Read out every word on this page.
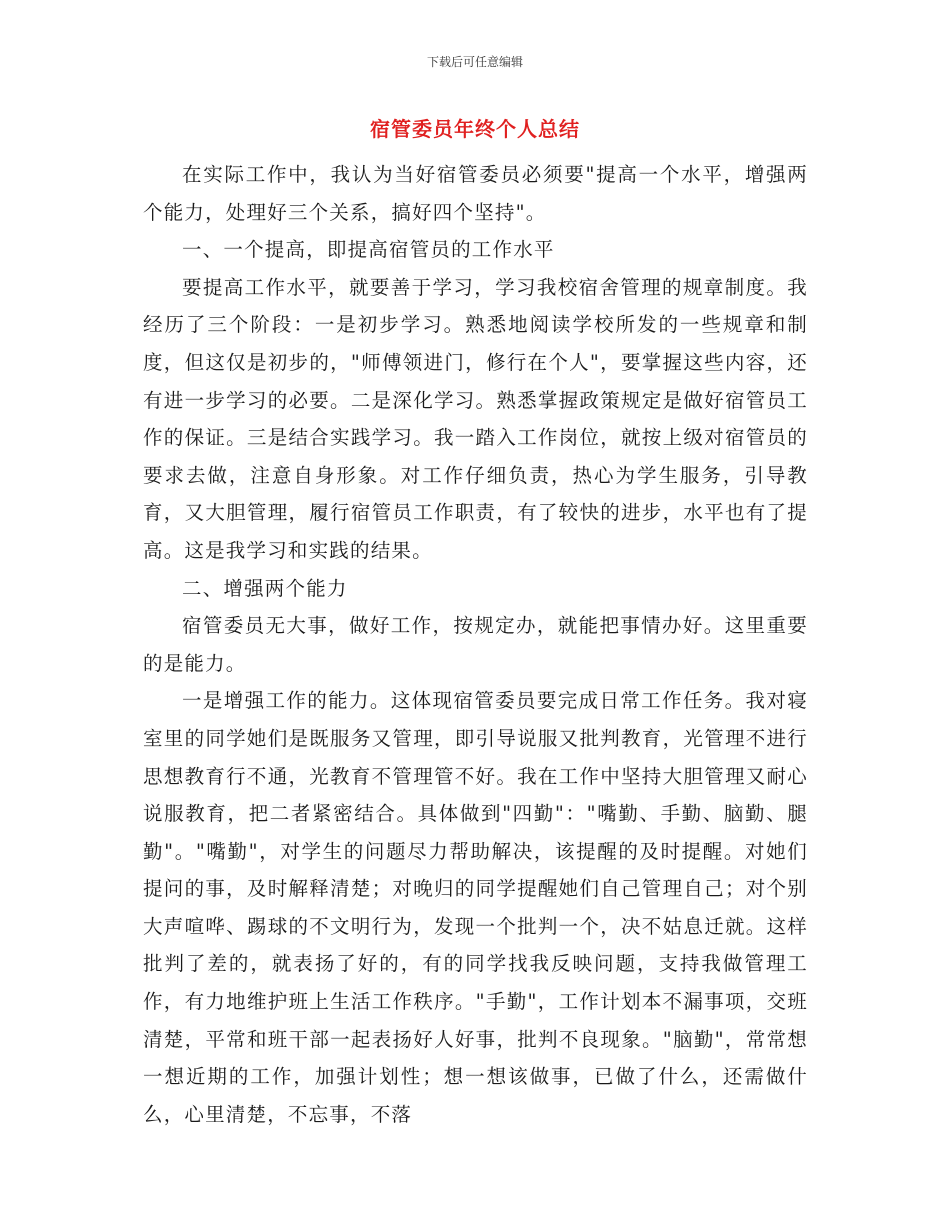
下载后可任意编辑
宿管委员年终个人总结

在实际工作中，我认为当好宿管委员必须要"提高一个水平，增强两个能力，处理好三个关系，搞好四个坚持"。

一、一个提高，即提高宿管员的工作水平

要提高工作水平，就要善于学习，学习我校宿舍管理的规章制度。我经历了三个阶段：一是初步学习。熟悉地阅读学校所发的一些规章和制度，但这仅是初步的，"师傅领进门，修行在个人"，要掌握这些内容，还有进一步学习的必要。二是深化学习。熟悉掌握政策规定是做好宿管员工作的保证。三是结合实践学习。我一踏入工作岗位，就按上级对宿管员的要求去做，注意自身形象。对工作仔细负责，热心为学生服务，引导教育，又大胆管理，履行宿管员工作职责，有了较快的进步，水平也有了提高。这是我学习和实践的结果。

二、增强两个能力

宿管委员无大事，做好工作，按规定办，就能把事情办好。这里重要的是能力。

一是增强工作的能力。这体现宿管委员要完成日常工作任务。我对寝室里的同学她们是既服务又管理，即引导说服又批判教育，光管理不进行思想教育行不通，光教育不管理管不好。我在工作中坚持大胆管理又耐心说服教育，把二者紧密结合。具体做到"四勤"："嘴勤、手勤、脑勤、腿勤"。"嘴勤"，对学生的问题尽力帮助解决，该提醒的及时提醒。对她们提问的事，及时解释清楚；对晚归的同学提醒她们自己管理自己；对个别大声喧哗、踢球的不文明行为，发现一个批判一个，决不姑息迁就。这样批判了差的，就表扬了好的，有的同学找我反映问题，支持我做管理工作，有力地维护班上生活工作秩序。"手勤"，工作计划本不漏事项，交班清楚，平常和班干部一起表扬好人好事，批判不良现象。"脑勤"，常常想一想近期的工作，加强计划性；想一想该做事，已做了什么，还需做什么，心里清楚，不忘事，不落
